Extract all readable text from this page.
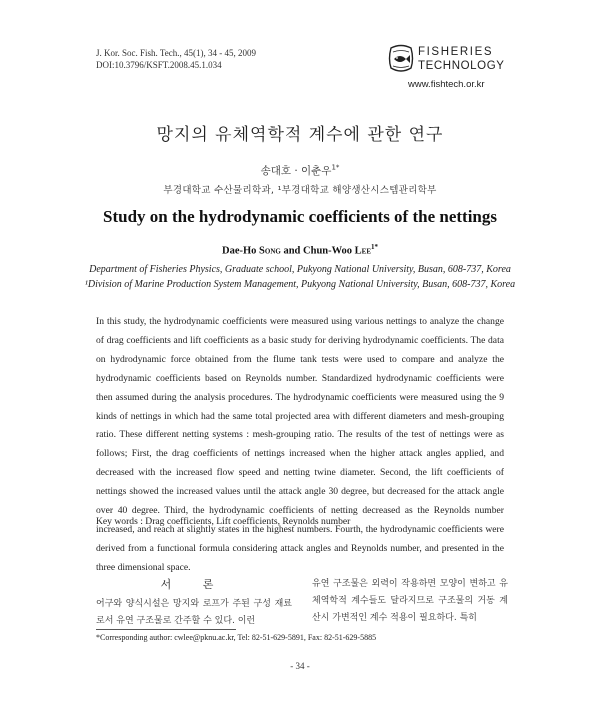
J. Kor. Soc. Fish. Tech., 45(1), 34 - 45, 2009
DOI:10.3796/KSFT.2008.45.1.034
FISHERIES
TECHNOLOGY
www.fishtech.or.kr
망지의 유체역학적 계수에 관한 연구
송대호 · 이춘우$^{1*}$
부경대학교 수산물리학과, ¹부경대학교 해양생산시스템관리학부
Study on the hydrodynamic coefficients of the nettings
Dae-Ho Song and Chun-Woo Lee$^{1*}$
Department of Fisheries Physics, Graduate school, Pukyong National University, Busan, 608-737, Korea
¹Division of Marine Production System Management, Pukyong National University, Busan, 608-737, Korea

In this study, the hydrodynamic coefficients were measured using various nettings to analyze the change of drag coefficients and lift coefficients as a basic study for deriving hydrodynamic coefficients. The data on hydrodynamic force obtained from the flume tank tests were used to compare and analyze the hydrodynamic coefficients based on Reynolds number. Standardized hydrodynamic coefficients were then assumed during the analysis procedures. The hydrodynamic coefficients were measured using the 9 kinds of nettings in which had the same total projected area with different diameters and mesh-grouping ratio. These different netting systems : mesh-grouping ratio. The results of the test of nettings were as follows; First, the drag coefficients of nettings increased when the higher attack angles applied, and decreased with the increased flow speed and netting twine diameter. Second, the lift coefficients of nettings showed the increased values until the attack angle 30 degree, but decreased for the attack angle over 40 degree. Third, the hydrodynamic coefficients of netting decreased as the Reynolds number increased, and reach at slightly states in the highest numbers. Fourth, the hydrodynamic coefficients were derived from a functional formula considering attack angles and Reynolds number, and presented in the three dimensional space.

Key words : Drag coefficients, Lift coefficients, Reynolds number
서 론

어구와 양식시설은 망지와 로프가 주된 구성 재료로서 유연 구조물로 간주할 수 있다. 이런

유연 구조물은 외력이 작용하면 모양이 변하고 유체역학적 계수들도 달라지므로 구조물의 거동 계산시 가변적인 계수 적용이 필요하다. 특히

*Corresponding author: cwlee@pknu.ac.kr, Tel: 82-51-629-5891, Fax: 82-51-629-5885
- 34 -
